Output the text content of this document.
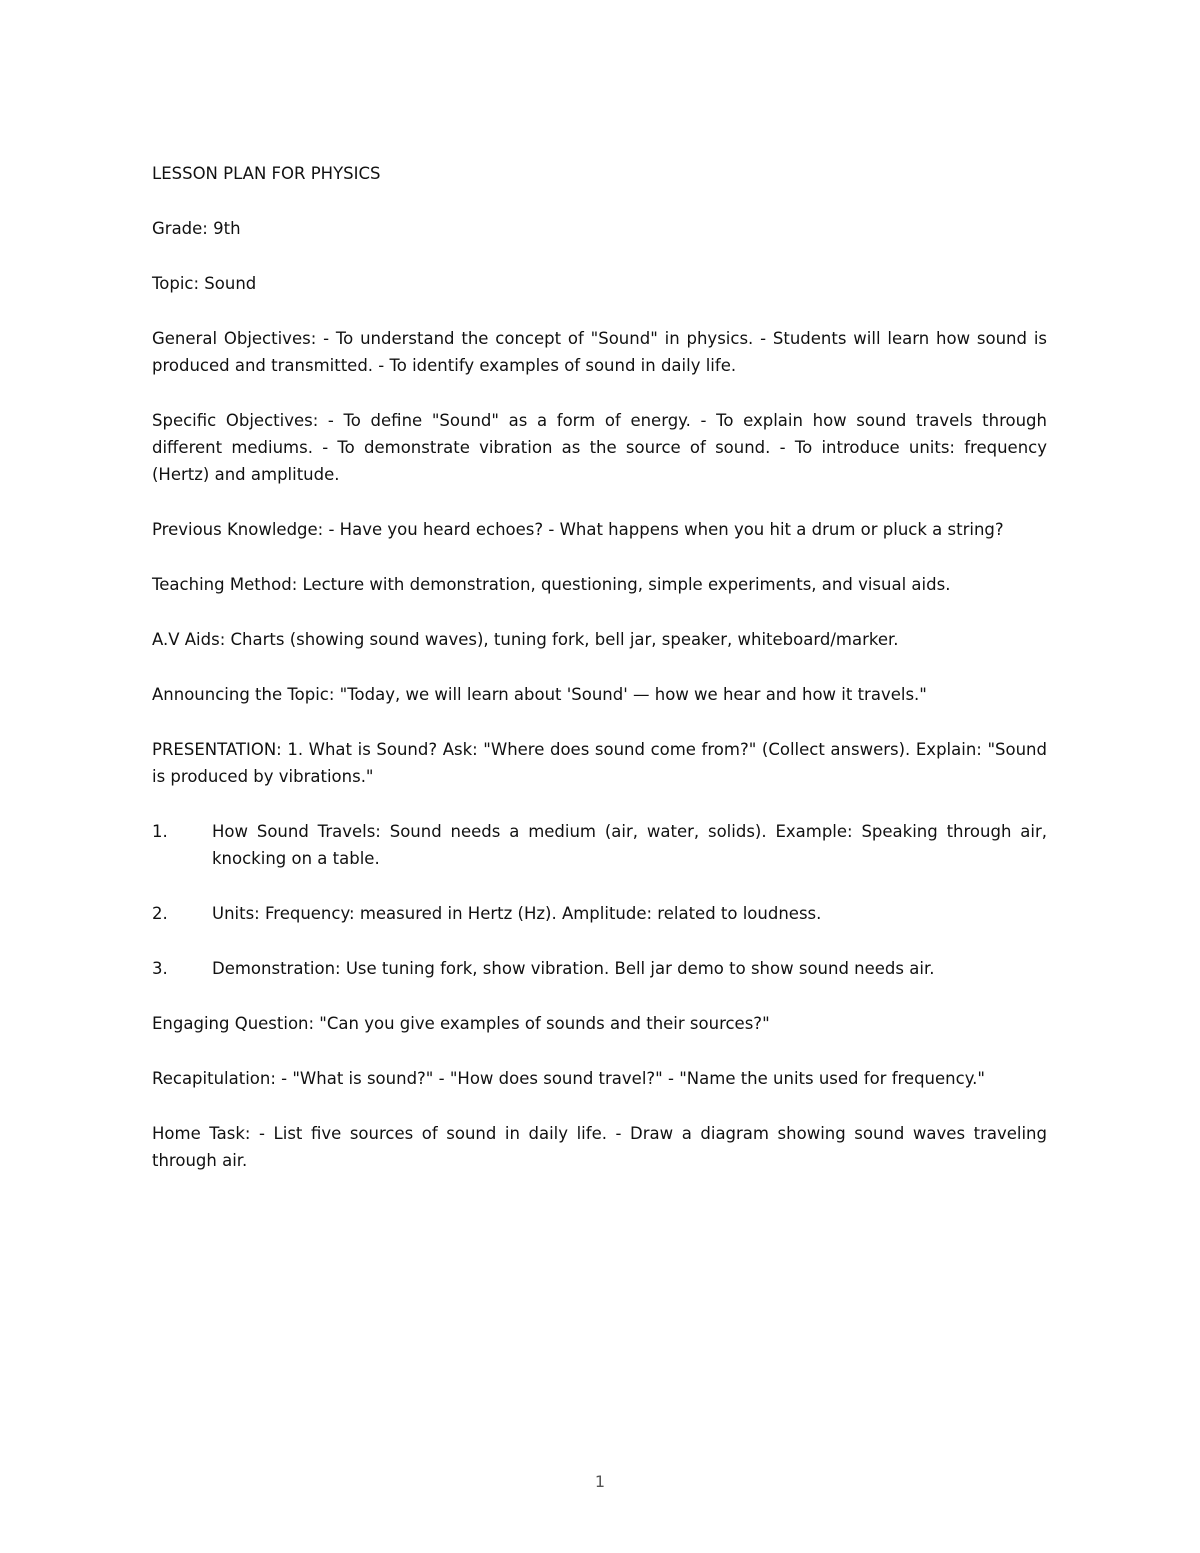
LESSON PLAN FOR PHYSICS

Grade: 9th

Topic: Sound

General Objectives: - To understand the concept of "Sound" in physics. - Students will learn how sound is produced and transmitted. - To identify examples of sound in daily life.

Specific Objectives: - To define "Sound" as a form of energy. - To explain how sound travels through different mediums. - To demonstrate vibration as the source of sound. - To introduce units: frequency (Hertz) and amplitude.

Previous Knowledge: - Have you heard echoes? - What happens when you hit a drum or pluck a string?

Teaching Method: Lecture with demonstration, questioning, simple experiments, and visual aids.

A.V Aids: Charts (showing sound waves), tuning fork, bell jar, speaker, whiteboard/marker.

Announcing the Topic: "Today, we will learn about 'Sound' — how we hear and how it travels."

PRESENTATION: 1. What is Sound? Ask: "Where does sound come from?" (Collect answers). Explain: "Sound is produced by vibrations."

1.	How Sound Travels: Sound needs a medium (air, water, solids). Example: Speaking through air, knocking on a table.
2.	Units: Frequency: measured in Hertz (Hz). Amplitude: related to loudness.
3.	Demonstration: Use tuning fork, show vibration. Bell jar demo to show sound needs air.

Engaging Question: "Can you give examples of sounds and their sources?"

Recapitulation: - "What is sound?" - "How does sound travel?" - "Name the units used for frequency."

Home Task: - List five sources of sound in daily life. - Draw a diagram showing sound waves traveling through air.

1
